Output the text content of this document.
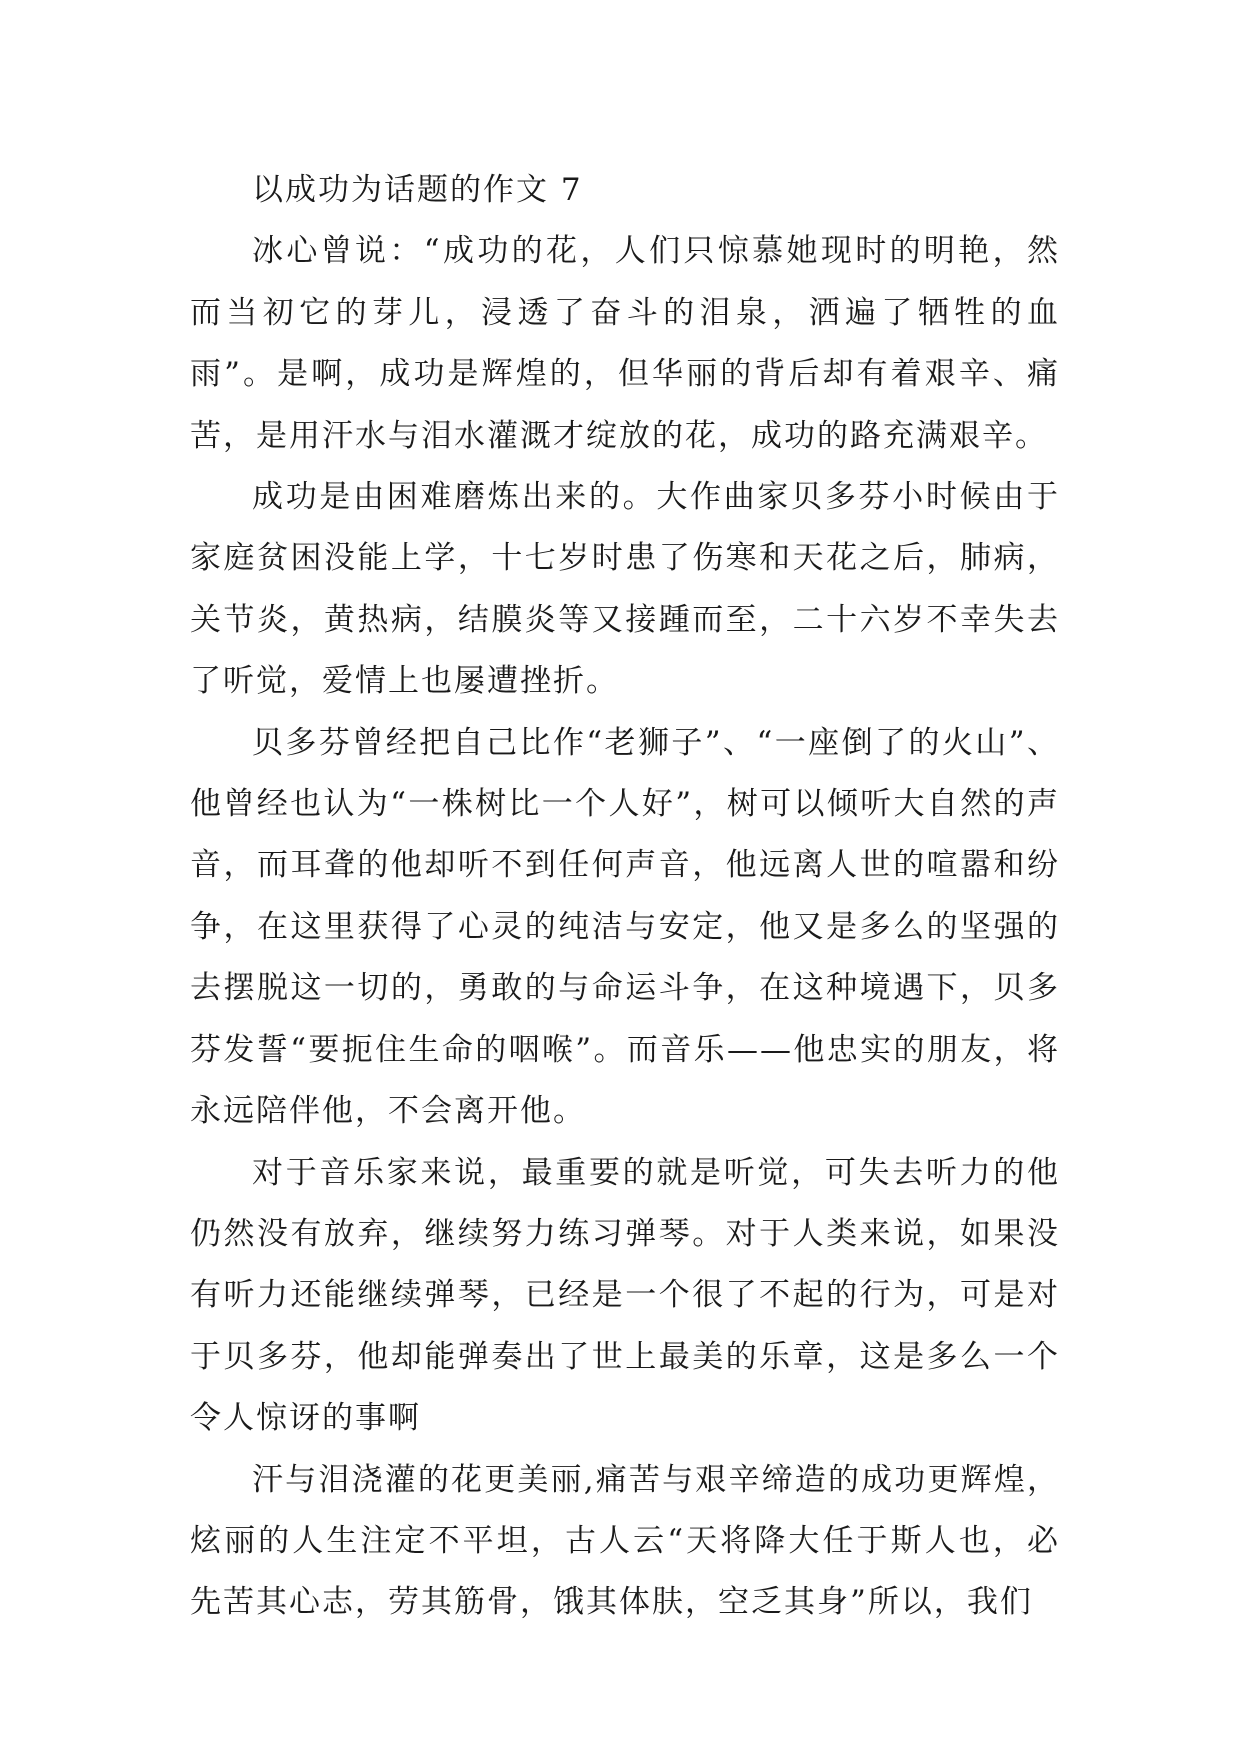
以成功为话题的作文 7

冰心曾说：“成功的花，人们只惊慕她现时的明艳，然而当初它的芽儿，浸透了奋斗的泪泉，洒遍了牺牲的血雨”。是啊，成功是辉煌的，但华丽的背后却有着艰辛、痛苦，是用汗水与泪水灌溉才绽放的花，成功的路充满艰辛。

成功是由困难磨炼出来的。大作曲家贝多芬小时候由于家庭贫困没能上学，十七岁时患了伤寒和天花之后，肺病，关节炎，黄热病，结膜炎等又接踵而至，二十六岁不幸失去了听觉，爱情上也屡遭挫折。

贝多芬曾经把自己比作“老狮子”、“一座倒了的火山”、他曾经也认为“一株树比一个人好”，树可以倾听大自然的声音，而耳聋的他却听不到任何声音，他远离人世的喧嚣和纷争，在这里获得了心灵的纯洁与安定，他又是多么的坚强的去摆脱这一切的，勇敢的与命运斗争，在这种境遇下，贝多芬发誓“要扼住生命的咽喉”。而音乐——他忠实的朋友，将永远陪伴他，不会离开他。

对于音乐家来说，最重要的就是听觉，可失去听力的他仍然没有放弃，继续努力练习弹琴。对于人类来说，如果没有听力还能继续弹琴，已经是一个很了不起的行为，可是对于贝多芬，他却能弹奏出了世上最美的乐章，这是多么一个令人惊讶的事啊

汗与泪浇灌的花更美丽,痛苦与艰辛缔造的成功更辉煌，炫丽的人生注定不平坦，古人云“天将降大任于斯人也，必先苦其心志，劳其筋骨，饿其体肤，空乏其身”所以，我们
